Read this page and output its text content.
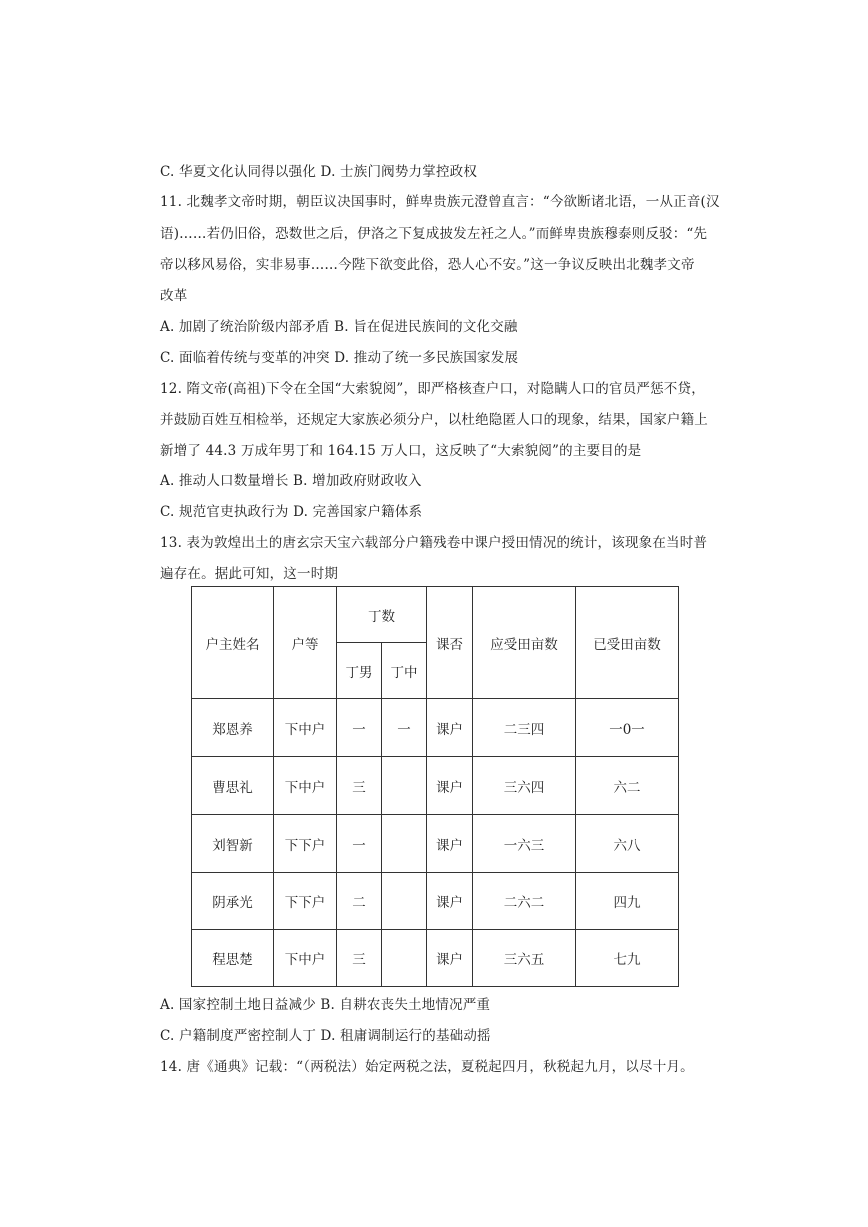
C. 华夏文化认同得以强化 D. 士族门阀势力掌控政权
11. 北魏孝文帝时期，朝臣议决国事时，鲜卑贵族元澄曾直言：“今欲断诸北语，一从正音(汉
语)……若仍旧俗，恐数世之后，伊洛之下复成披发左衽之人。”而鲜卑贵族穆泰则反驳：“先
帝以移风易俗，实非易事……今陛下欲变此俗，恐人心不安。”这一争议反映出北魏孝文帝
改革
A. 加剧了统治阶级内部矛盾 B. 旨在促进民族间的文化交融
C. 面临着传统与变革的冲突 D. 推动了统一多民族国家发展
12. 隋文帝(高祖)下令在全国“大索貌阅”，即严格核查户口，对隐瞒人口的官员严惩不贷，
并鼓励百姓互相检举，还规定大家族必须分户，以杜绝隐匿人口的现象，结果，国家户籍上
新增了 44.3 万成年男丁和 164.15 万人口，这反映了“大索貌阅”的主要目的是
A. 推动人口数量增长 B. 增加政府财政收入
C. 规范官吏执政行为 D. 完善国家户籍体系
13. 表为敦煌出土的唐玄宗天宝六载部分户籍残卷中课户授田情况的统计，该现象在当时普
遍存在。据此可知，这一时期
户主姓名	户等	丁数		课否	应受田亩数	已受田亩数
		丁男	丁中			
郑恩养	下中户	一	一	课户	二三四	一0一
曹思礼	下中户	三		课户	三六四	六二
刘智新	下下户	一		课户	一六三	六八
阴承光	下下户	二		课户	二六二	四九
程思楚	下中户	三		课户	三六五	七九
A. 国家控制土地日益减少 B. 自耕农丧失土地情况严重
C. 户籍制度严密控制人丁 D. 租庸调制运行的基础动摇
14. 唐《通典》记载：“（两税法）始定两税之法，夏税起四月，秋税起九月，以尽十月。
